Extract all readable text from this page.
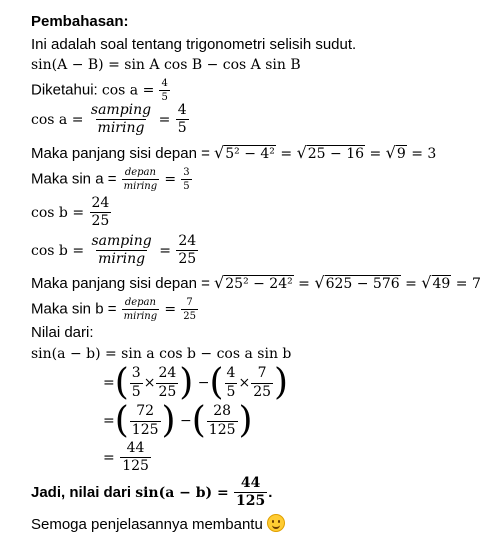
Pembahasan:
Ini adalah soal tentang trigonometri selisih sudut.
sin(A − B) = sin A cos B − cos A sin B
Diketahui: $\cos a = \frac{4}{5}$
$\cos a = \frac{\text{samping}}{\text{miring}} = \frac{4}{5}$
Maka panjang sisi depan = √ 5² − 4² = √ 25 − 16 = √ 9 = 3
Maka $\sin a = \frac{\text{depan}}{\text{miring}} = \frac{3}{5}$
$\cos b = \frac{24}{25}$
$\cos b = \frac{\text{samping}}{\text{miring}} = \frac{24}{25}$
Maka panjang sisi depan = √ 25² − 24² = √ 625 − 576 = √ 49 = 7
Maka $\sin b = \frac{\text{depan}}{\text{miring}} = \frac{7}{25}$
Nilai dari:
sin(a − b) = sin a cos b − cos a sin b
=( $\frac{3}{5} \times \frac{24}{25}$ ) −( $\frac{4}{5} \times \frac{7}{25}$ )
=( $\frac{72}{125}$ ) −( $\frac{28}{125}$ )
= $\frac{44}{125}$
Jadi, nilai dari $\sin(a - b) = \frac{44}{125}$ .
Semoga penjelasannya membantu
